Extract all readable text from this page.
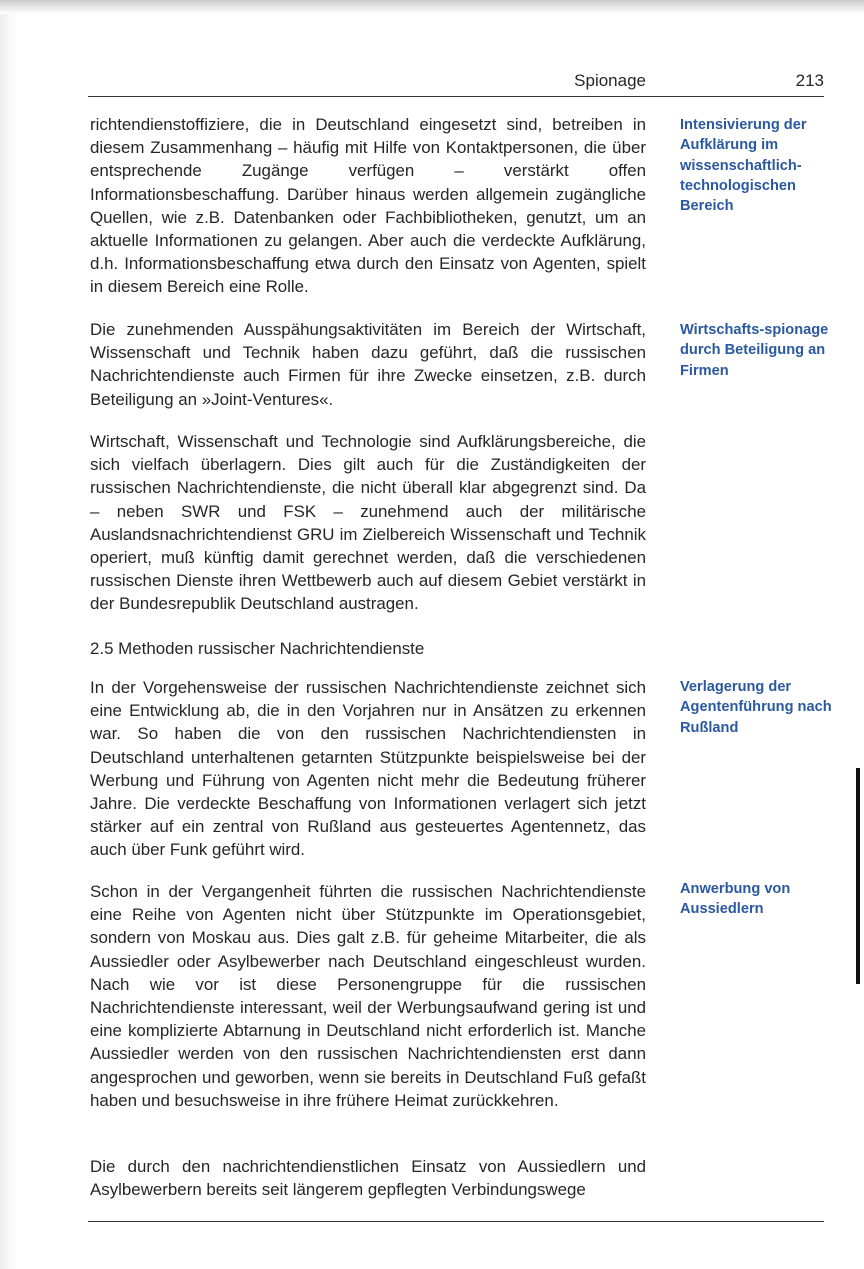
Spionage	213

richtendienstoffiziere, die in Deutschland eingesetzt sind, betreiben in diesem Zusammenhang – häufig mit Hilfe von Kontaktpersonen, die über entsprechende Zugänge verfügen – verstärkt offen Informationsbeschaffung. Darüber hinaus werden allgemein zugängliche Quellen, wie z.B. Datenbanken oder Fachbibliotheken, genutzt, um an aktuelle Informationen zu gelangen. Aber auch die verdeckte Aufklärung, d.h. Informationsbeschaffung etwa durch den Einsatz von Agenten, spielt in diesem Bereich eine Rolle.

Die zunehmenden Ausspähungsaktivitäten im Bereich der Wirtschaft, Wissenschaft und Technik haben dazu geführt, daß die russischen Nachrichtendienste auch Firmen für ihre Zwecke einsetzen, z.B. durch Beteiligung an »Joint-Ventures«.

Wirtschaft, Wissenschaft und Technologie sind Aufklärungsbereiche, die sich vielfach überlagern. Dies gilt auch für die Zuständigkeiten der russischen Nachrichtendienste, die nicht überall klar abgegrenzt sind. Da – neben SWR und FSK – zunehmend auch der militärische Auslandsnachrichtendienst GRU im Zielbereich Wissenschaft und Technik operiert, muß künftig damit gerechnet werden, daß die verschiedenen russischen Dienste ihren Wettbewerb auch auf diesem Gebiet verstärkt in der Bundesrepublik Deutschland austragen.

2.5 Methoden russischer Nachrichtendienste

In der Vorgehensweise der russischen Nachrichtendienste zeichnet sich eine Entwicklung ab, die in den Vorjahren nur in Ansätzen zu erkennen war. So haben die von den russischen Nachrichtendiensten in Deutschland unterhaltenen getarnten Stützpunkte beispielsweise bei der Werbung und Führung von Agenten nicht mehr die Bedeutung früherer Jahre. Die verdeckte Beschaffung von Informationen verlagert sich jetzt stärker auf ein zentral von Rußland aus gesteuertes Agentennetz, das auch über Funk geführt wird.

Schon in der Vergangenheit führten die russischen Nachrichtendienste eine Reihe von Agenten nicht über Stützpunkte im Operationsgebiet, sondern von Moskau aus. Dies galt z.B. für geheime Mitarbeiter, die als Aussiedler oder Asylbewerber nach Deutschland eingeschleust wurden. Nach wie vor ist diese Personengruppe für die russischen Nachrichtendienste interessant, weil der Werbungsaufwand gering ist und eine komplizierte Abtarnung in Deutschland nicht erforderlich ist. Manche Aussiedler werden von den russischen Nachrichtendiensten erst dann angesprochen und geworben, wenn sie bereits in Deutschland Fuß gefaßt haben und besuchsweise in ihre frühere Heimat zurückkehren.

Die durch den nachrichtendienstlichen Einsatz von Aussiedlern und Asylbewerbern bereits seit längerem gepflegten Verbindungswege

Intensivierung der Aufklärung im wissenschaftlich-technologischen Bereich

Wirtschafts-spionage durch Beteiligung an Firmen

Verlagerung der Agentenführung nach Rußland

Anwerbung von Aussiedlern
